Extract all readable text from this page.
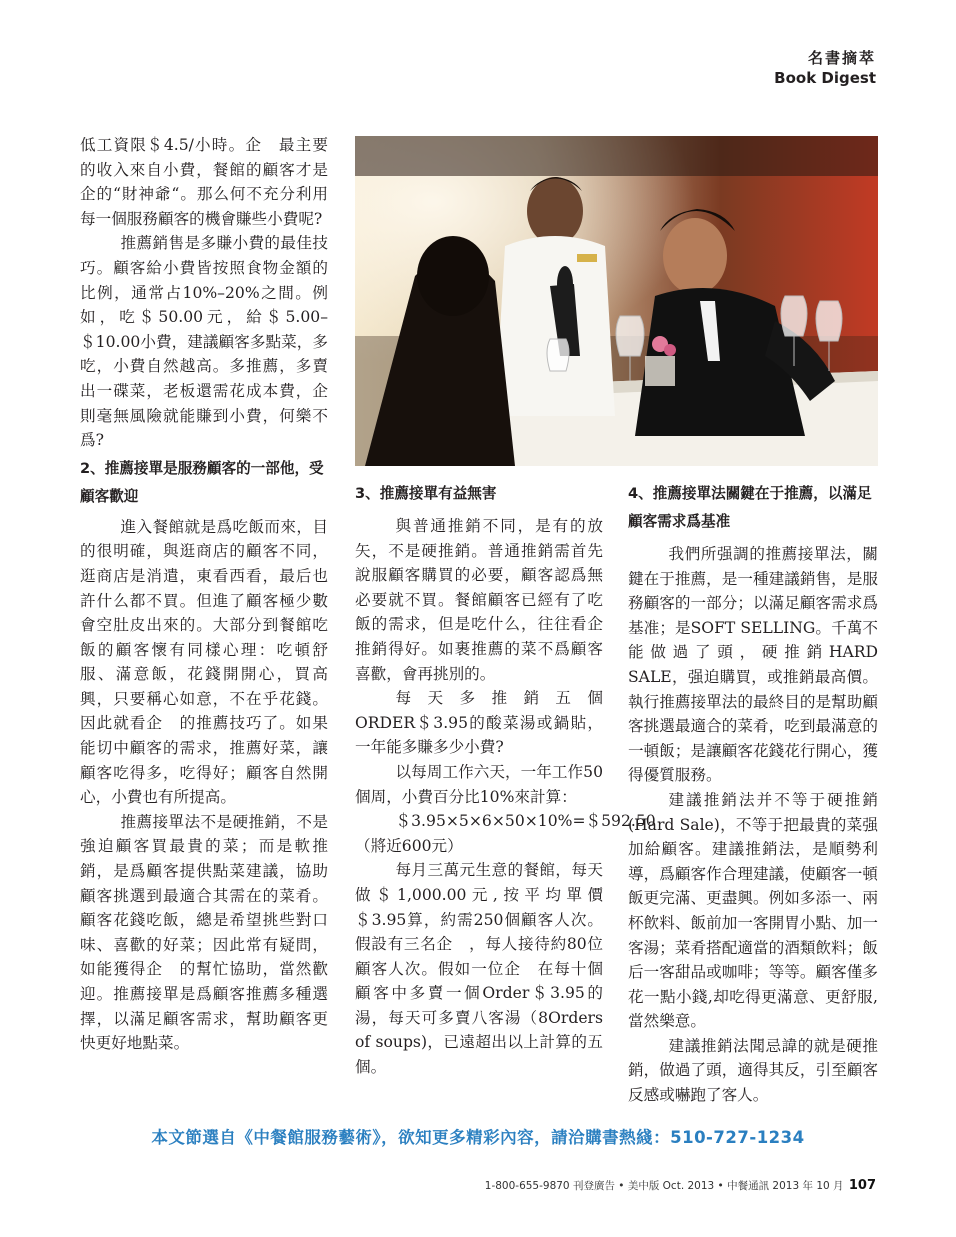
名書摘萃
Book Digest

低工資限＄4.5/小時。企　最主要的收入來自小費，餐館的顧客才是企的“財神爺“。那么何不充分利用每一個服務顧客的機會賺些小費呢?

推薦銷售是多賺小費的最佳技巧。顧客給小費皆按照食物金額的比例，通常占10%–20%之間。例如，吃＄50.00元，給＄5.00–＄10.00小費，建議顧客多點菜，多吃，小費自然越高。多推薦，多賣出一碟菜，老板還需花成本費，企　則毫無風險就能賺到小費，何樂不爲?

2、推薦接單是服務顧客的一部他，受顧客歡迎

進入餐館就是爲吃飯而來，目的很明確，與逛商店的顧客不同，逛商店是消遣，東看西看，最后也許什么都不買。但進了顧客極少數會空肚皮出來的。大部分到餐館吃飯的顧客懷有同樣心理：吃頓舒服、滿意飯，花錢開開心，買高興，只要稱心如意，不在乎花錢。因此就看企　的推薦技巧了。如果能切中顧客的需求，推薦好菜，讓顧客吃得多，吃得好；顧客自然開心，小費也有所提高。

推薦接單法不是硬推銷，不是強迫顧客買最貴的菜；而是軟推銷，是爲顧客提供點菜建議，協助顧客挑選到最適合其需在的菜肴。顧客花錢吃飯，總是希望挑些對口味、喜歡的好菜；因此常有疑問，如能獲得企　的幫忙協助，當然歡迎。推薦接單是爲顧客推薦多種選擇，以滿足顧客需求，幫助顧客更快更好地點菜。

3、推薦接單有益無害

與普通推銷不同，是有的放矢，不是硬推銷。普通推銷需首先說服顧客購買的必要，顧客認爲無必要就不買。餐館顧客已經有了吃飯的需求，但是吃什么，往往看企　推銷得好。如裹推薦的菜不爲顧客喜歡，會再挑別的。

每天多推銷五個ORDER＄3.95的酸菜湯或鍋貼，一年能多賺多少小費?

以每周工作六天，一年工作50個周，小費百分比10%來計算：

＄3.95×5×6×50×10%=＄592.50（將近600元）

每月三萬元生意的餐館，每天做＄1,000.00元,按平均單價＄3.95算，約需250個顧客人次。假設有三名企　，每人接待約80位顧客人次。假如一位企　在每十個顧客中多賣一個Order＄3.95的湯，每天可多賣八客湯（8Orders of soups)，已遠超出以上計算的五個。

4、推薦接單法關鍵在于推薦，以滿足顧客需求爲基准

我們所强調的推薦接單法，關鍵在于推薦，是一種建議銷售，是服務顧客的一部分；以滿足顧客需求爲基准；是SOFT SELLING。千萬不能做過了頭，硬推銷HARD SALE，强迫購買，或推銷最高價。執行推薦接單法的最終目的是幫助顧客挑選最適合的菜肴，吃到最滿意的一頓飯；是讓顧客花錢花行開心，獲得優質服務。

建議推銷法并不等于硬推銷(Hard Sale)，不等于把最貴的菜强加給顧客。建議推銷法，是順勢利導，爲顧客作合理建議，使顧客一頓飯更完滿、更盡興。例如多添一、兩杯飲料、飯前加一客開胃小點、加一客湯；菜肴搭配適當的酒類飲料；飯后一客甜品或咖啡；等等。顧客僅多花一點小錢,却吃得更滿意、更舒服,當然樂意。

建議推銷法聞忌諱的就是硬推銷，做過了頭，適得其反，引至顧客反感或嚇跑了客人。

本文節選自《中餐館服務藝術》，欲知更多精彩內容，請洽購書熱綫：510-727-1234
1-800-655-9870 刊登廣告 • 美中版 Oct. 2013 • 中餐通訊 2013 年 10 月 107
